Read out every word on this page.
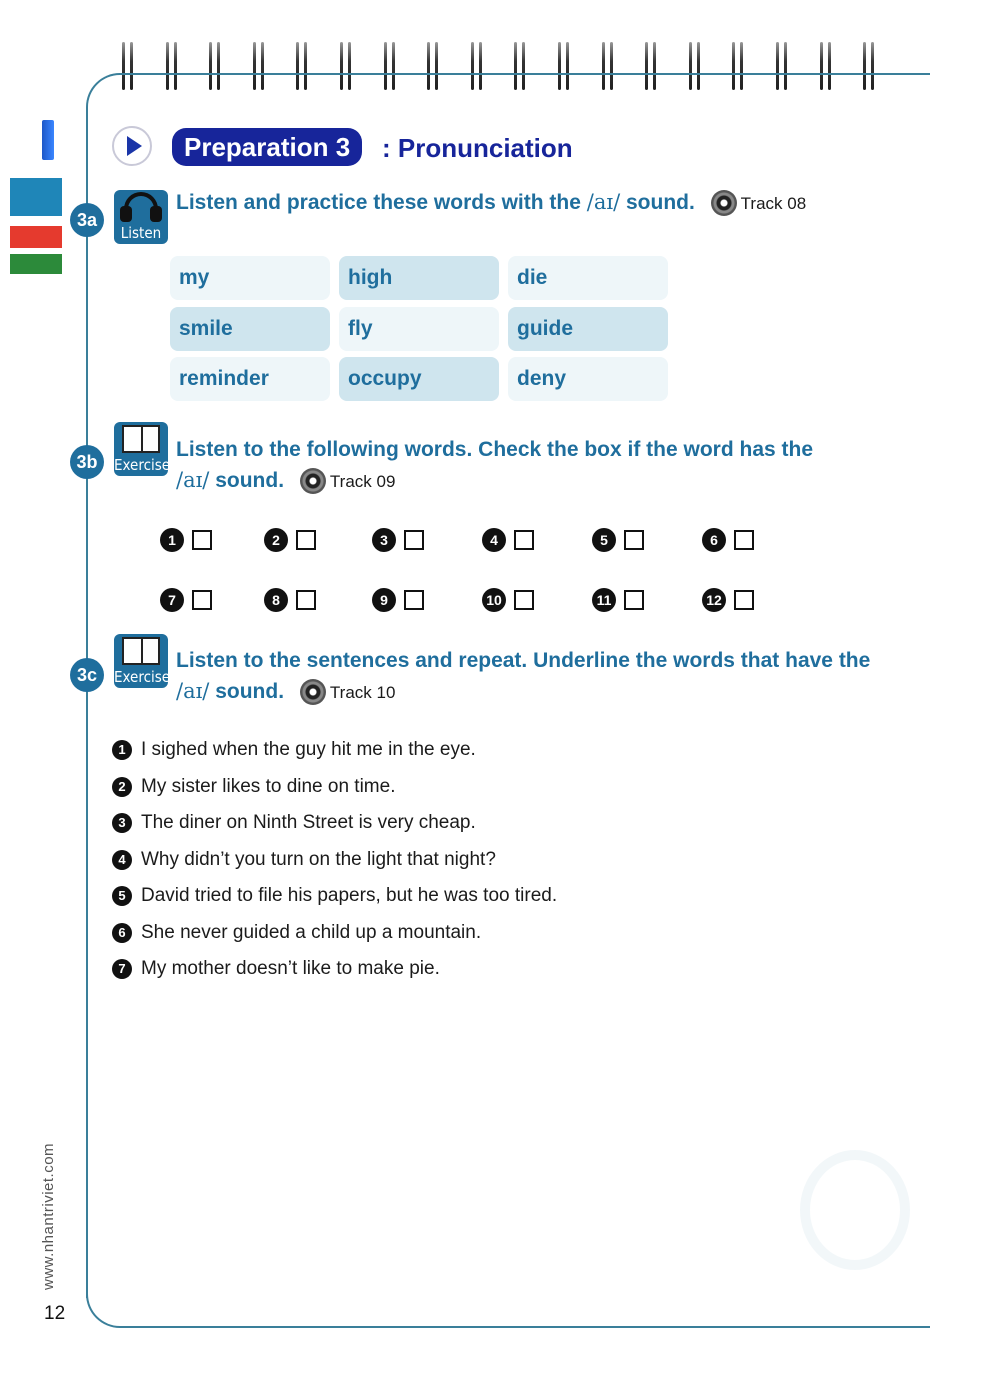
Preparation 3	: Pronunciation
3a
Listen
Listen and practice these words with the /aɪ/ sound.	Track 08
my	high	die
smile	fly	guide
reminder	occupy	deny
3b	Exercise
Listen to the following words. Check the box if the word has the
/aɪ/ sound.	Track 09
1	2	3	4	5	6
7	8	9	10	11	12
3c	Exercise
Listen to the sentences and repeat. Underline the words that have the
/aɪ/ sound.	Track 10
1 I sighed when the guy hit me in the eye.
2 My sister likes to dine on time.
3 The diner on Ninth Street is very cheap.
4 Why didn’t you turn on the light that night?
5 David tried to file his papers, but he was too tired.
6 She never guided a child up a mountain.
7 My mother doesn’t like to make pie.
www.nhantriviet.com
12
